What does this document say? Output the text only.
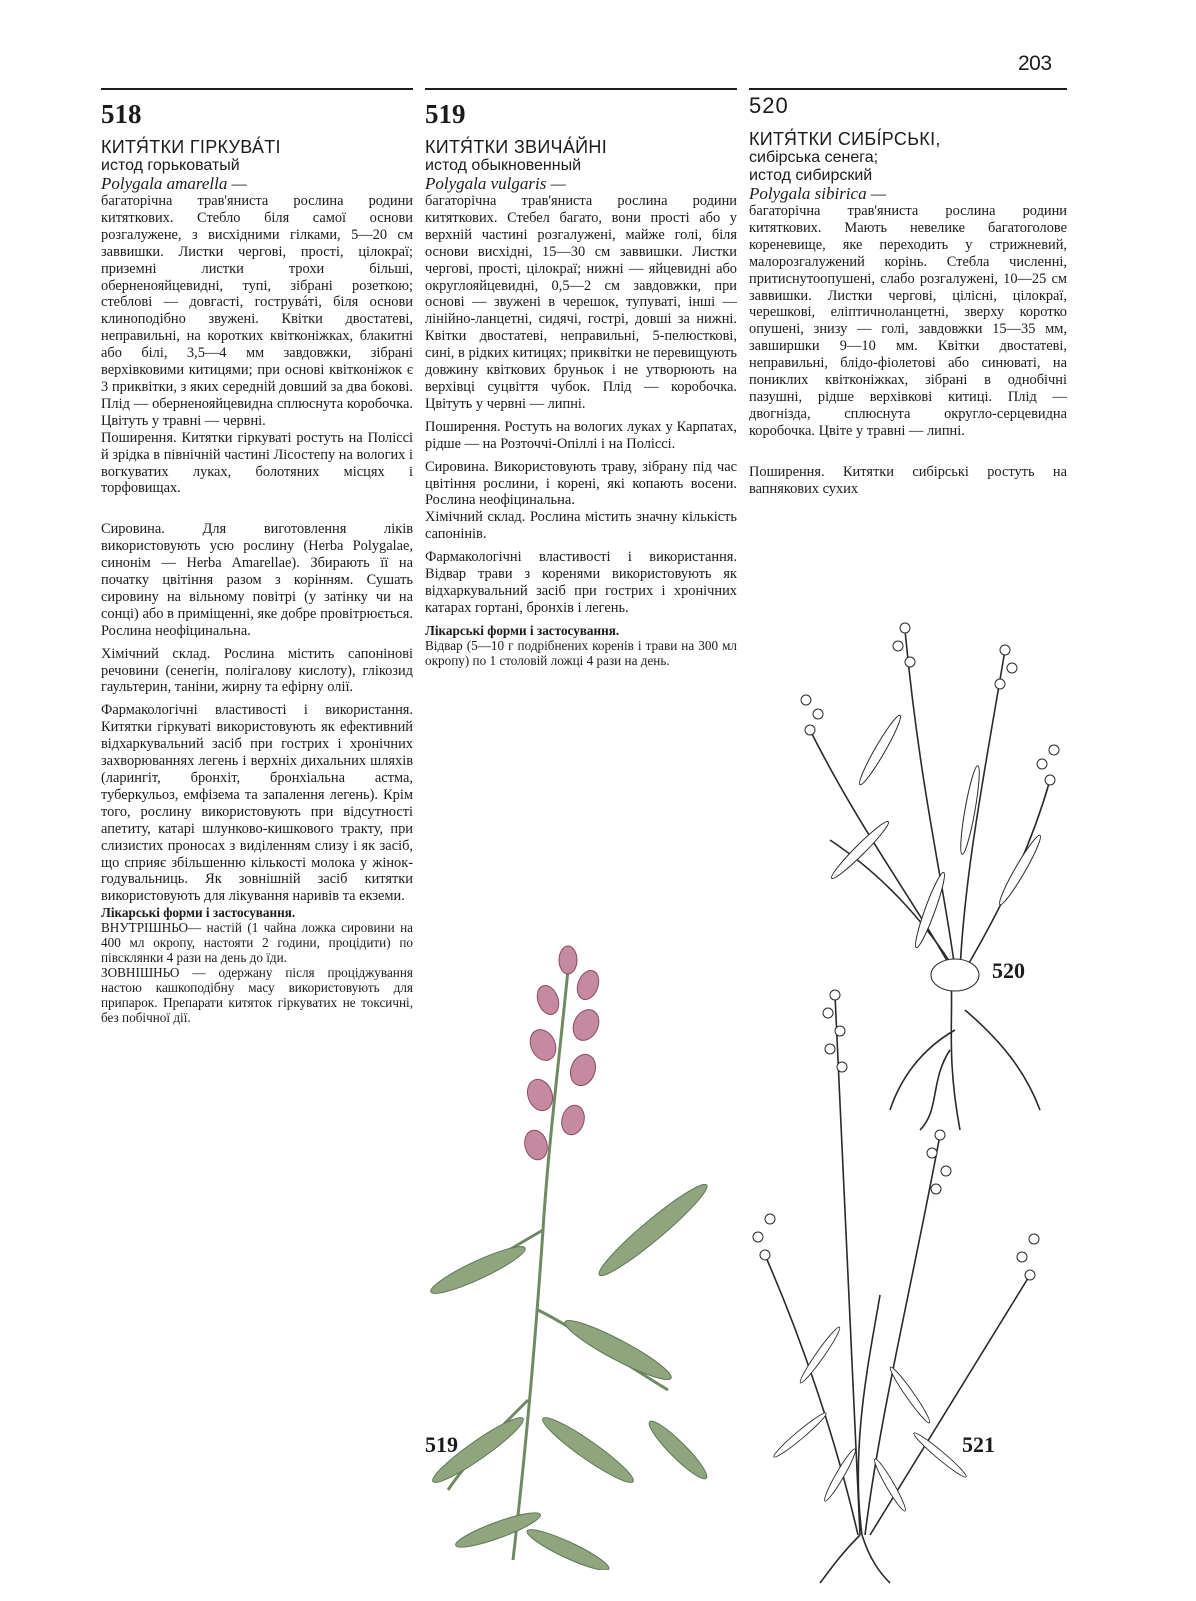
203
518
КИТЯ́ТКИ ГІРКУВА́ТІ
истод горьковатый
Polygala amarella —

багаторічна трав'яниста рослина родини китяткових. Стебло біля самої основи розгалужене, з висхідними гілками, 5—20 см заввишки. Листки чергові, прості, цілокраї; приземні листки трохи більші, оберненояйцевидні, тупі, зібрані розеткою; стеблові — довгасті, гострувáті, біля основи клиноподібно звужені. Квітки двостатеві, неправильні, на коротких квітконіжках, блакитні або білі, 3,5—4 мм завдовжки, зібрані верхівковими китицями; при основі квітконіжок є 3 приквітки, з яких середній довший за два бокові. Плід — оберненояйцевидна сплюснута коробочка. Цвітуть у травні — червні.

Поширення. Китятки гіркуваті ростуть на Поліссі й зрідка в північній частині Лісостепу на вологих і вогкуватих луках, болотяних місцях і торфовищах.

Сировина. Для виготовлення ліків використовують усю рослину (Herba Polygalae, синонім — Herba Amarellae). Збирають її на початку цвітіння разом з корінням. Сушать сировину на вільному повітрі (у затінку чи на сонці) або в приміщенні, яке добре провітрюється. Рослина неофіцинальна.

Хімічний склад. Рослина містить сапонінові речовини (сенегін, полігалову кислоту), глікозид гаультерин, таніни, жирну та ефірну олії.

Фармакологічні властивості і використання. Китятки гіркуваті використовують як ефективний відхаркувальний засіб при гострих і хронічних захворюваннях легень і верхніх дихальних шляхів (ларингіт, бронхіт, бронхіальна астма, туберкульоз, емфізема та запалення легень). Крім того, рослину використовують при відсутності апетиту, катарі шлунково-кишкового тракту, при слизистих проносах з виділенням слизу і як засіб, що сприяє збільшенню кількості молока у жінок-годувальниць. Як зовнішній засіб китятки використовують для лікування наривів та екземи.

Лікарські форми і застосування.

ВНУТРІШНЬО— настій (1 чайна ложка сировини на 400 мл окропу, настояти 2 години, процідити) по півсклянки 4 рази на день до їди.

ЗОВНІШНЬО — одержану після проціджування настою кашкоподібну масу використовують для припарок. Препарати китяток гіркуватих не токсичні, без побічної дії.

519
КИТЯ́ТКИ ЗВИЧА́ЙНІ
истод обыкновенный
Polygala vulgaris —

багаторічна трав'яниста рослина родини китяткових. Стебел багато, вони прості або у верхній частині розгалужені, майже голі, біля основи висхідні, 15—30 см заввишки. Листки чергові, прості, цілокраї; нижні — яйцевидні або округлояйцевидні, 0,5—2 см завдовжки, при основі — звужені в черешок, тупуваті, інші — лінійно-ланцетні, сидячі, гострі, довші за нижні. Квітки двостатеві, неправильні, 5-пелюсткові, сині, в рідких китицях; приквітки не перевищують довжину квіткових бруньок і не утворюють на верхівці суцвіття чубок. Плід — коробочка. Цвітуть у червні — липні.

Поширення. Ростуть на вологих луках у Карпатах, рідше — на Розточчі-Опіллі і на Поліссі.

Сировина. Використовують траву, зібрану під час цвітіння рослини, і корені, які копають восени. Рослина неофіцинальна.

Хімічний склад. Рослина містить значну кількість сапонінів.

Фармакологічні властивості і використання. Відвар трави з коренями використовують як відхаркувальний засіб при гострих і хронічних катарах гортані, бронхів і легень.

Лікарські форми і застосування.

Відвар (5—10 г подрібнених коренів і трави на 300 мл окропу) по 1 столовій ложці 4 рази на день.

520
КИТЯ́ТКИ СИБІ́РСЬКІ,
сибірська сенега;
истод сибирский
Polygala sibirica —

багаторічна трав'яниста рослина родини китяткових. Мають невелике багатоголове кореневище, яке переходить у стрижневий, малорозгалужений корінь. Стебла численні, притиснутоопушені, слабо розгалужені, 10—25 см заввишки. Листки чергові, цілісні, цілокраї, черешкові, еліптичноланцетні, зверху коротко опушені, знизу — голі, завдовжки 15—35 мм, завширшки 9—10 мм. Квітки двостатеві, неправильні, блідо-фіолетові або синюваті, на пониклих квітконіжках, зібрані в однобічні пазушні, рідше верхівкові китиці. Плід — двогнізда, сплюснута округло-серцевидна коробочка. Цвіте у травні — липні.

Поширення. Китятки сибірські ростуть на вапнякових сухих

519
520
521
